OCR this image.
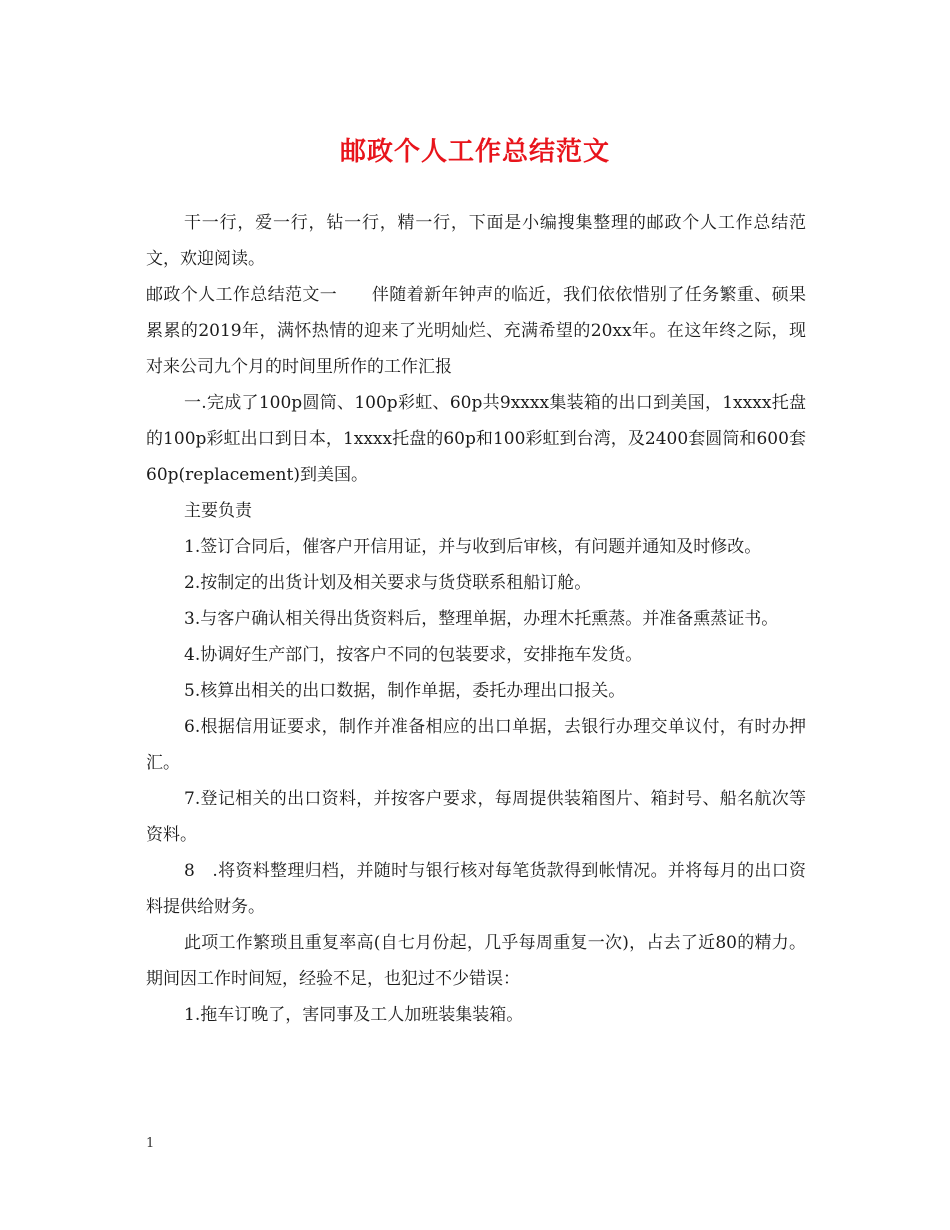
邮政个人工作总结范文

干一行，爱一行，钻一行，精一行，下面是小编搜集整理的邮政个人工作总结范文，欢迎阅读。

邮政个人工作总结范文一　　伴随着新年钟声的临近，我们依依惜别了任务繁重、硕果累累的2019年，满怀热情的迎来了光明灿烂、充满希望的20xx年。在这年终之际，现对来公司九个月的时间里所作的工作汇报

一.完成了100p圆筒、100p彩虹、60p共9xxxx集装箱的出口到美国，1xxxx托盘的100p彩虹出口到日本，1xxxx托盘的60p和100彩虹到台湾，及2400套圆筒和600套60p(replacement)到美国。

主要负责

1.签订合同后，催客户开信用证，并与收到后审核，有问题并通知及时修改。

2.按制定的出货计划及相关要求与货贷联系租船订舱。

3.与客户确认相关得出货资料后，整理单据，办理木托熏蒸。并准备熏蒸证书。

4.协调好生产部门，按客户不同的包装要求，安排拖车发货。

5.核算出相关的出口数据，制作单据，委托办理出口报关。

6.根据信用证要求，制作并准备相应的出口单据，去银行办理交单议付，有时办押汇。

7.登记相关的出口资料，并按客户要求，每周提供装箱图片、箱封号、船名航次等资料。

8　.将资料整理归档，并随时与银行核对每笔货款得到帐情况。并将每月的出口资料提供给财务。

此项工作繁琐且重复率高(自七月份起，几乎每周重复一次)，占去了近80的精力。期间因工作时间短，经验不足，也犯过不少错误：

1.拖车订晚了，害同事及工人加班装集装箱。

1
